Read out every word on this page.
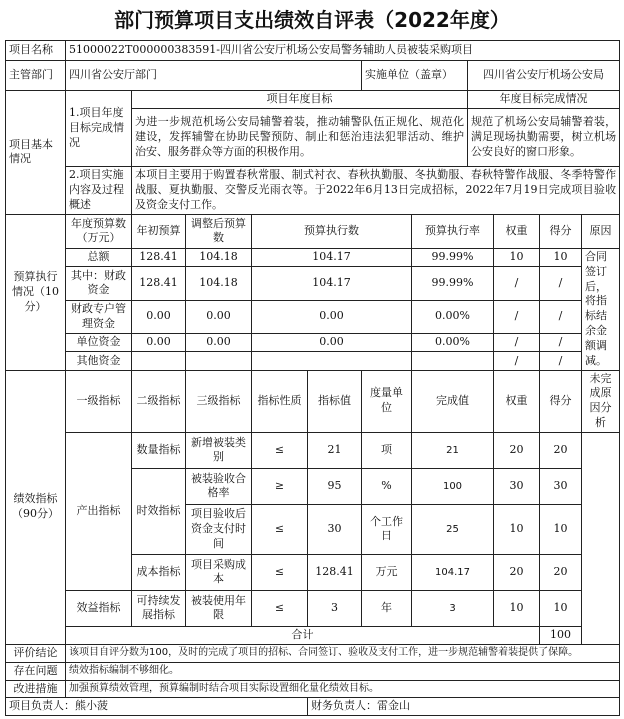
部门预算项目支出绩效自评表（2022年度）
项目名称	51000022T000000383591-四川省公安厅机场公安局警务辅助人员被装采购项目										
主管部门	四川省公安厅部门					实施单位（盖章）		四川省公安厅机场公安局			
项目基本情况	1.项目年度目标完成情况	项目年度目标						年度目标完成情况			
		为进一步规范机场公安局辅警着装，推动辅警队伍正规化、规范化建设，发挥辅警在协助民警预防、制止和惩治违法犯罪活动、维护治安、服务群众等方面的积极作用。						规范了机场公安局辅警着装，满足现场执勤需要，树立机场公安良好的窗口形象。			
	2.项目实施内容及过程概述	本项目主要用于购置春秋常服、制式衬衣、春秋执勤服、冬执勤服、春秋特警作战服、冬季特警作战服、夏执勤服、交警反光雨衣等。于2022年6月13日完成招标，2022年7月19日完成项目验收及资金支付工作。									

预算执行情况（10分）	年度预算数（万元）	年初预算	调整后预算数	预算执行数			预算执行率		权重	得分	原因
	总额	128.41	104.18	104.17			99.99%		10	10	合同签订后，将指标结余金额调减。
	其中：财政资金	128.41	104.18	104.17			99.99%		/	/	
	财政专户管理资金	0.00	0.00	0.00			0.00%		/	/	
	单位资金	0.00	0.00	0.00			0.00%		/	/	
	其他资金								/	/	
绩效指标（90分）	一级指标	二级指标	三级指标	指标性质	指标值	度量单位	完成值		权重	得分	未完成原因分析
	产出指标	数量指标	新增被装类别	≤	21	项	21		20	20	
		时效指标	被装验收合格率	≥	95	%	100		30	30	
			项目验收后资金支付时间	≤	30	个工作日	25		10	10	
		成本指标	项目采购成本	≤	128.41	万元	104.17		20	20	
	效益指标	可持续发展指标	被装使用年限	≤	3	年	3		10	10	
	合计									100	
评价结论	该项目自评分数为100，及时的完成了项目的招标、合同签订、验收及支付工作，进一步规范辅警着装提供了保障。										
存在问题	绩效指标编制不够细化。										
改进措施	加强预算绩效管理，预算编制时结合项目实际设置细化量化绩效目标。										
项目负责人：熊小菠					财务负责人：雷金山						
